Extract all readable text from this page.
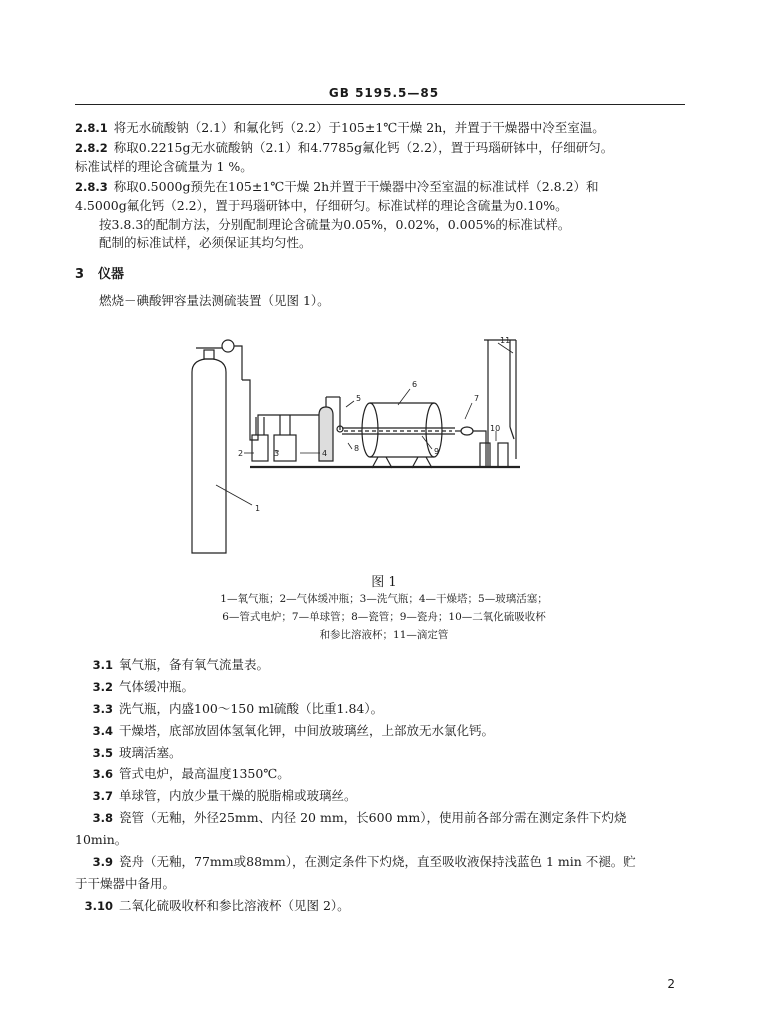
GB 5195.5—85

2.8.1 将无水硫酸钠（2.1）和氟化钙（2.2）于105±1℃干燥 2h，并置于干燥器中冷至室温。

2.8.2 称取0.2215g无水硫酸钠（2.1）和4.7785g氟化钙（2.2），置于玛瑙研钵中，仔细研匀。

标准试样的理论含硫量为 1 %。

2.8.3 称取0.5000g预先在105±1℃干燥 2h并置于干燥器中冷至室温的标准试样（2.8.2）和

4.5000g氟化钙（2.2），置于玛瑙研钵中，仔细研匀。标准试样的理论含硫量为0.10%。

按3.8.3的配制方法，分别配制理论含硫量为0.05%，0.02%，0.005%的标准试样。

配制的标准试样，必须保证其均匀性。

3 仪器

燃烧－碘酸钾容量法测硫装置（见图 1）。

1
2	3	4
5
6
7
8	9
10
11
图 1
1—氧气瓶；2—气体缓冲瓶；3—洗气瓶；4—干燥塔；5—玻璃活塞；
6—管式电炉；7—单球管；8—瓷管；9—瓷舟；10—二氧化硫吸收杯
和参比溶液杯；11—滴定管

3.1 氧气瓶，备有氧气流量表。

3.2 气体缓冲瓶。

3.3 洗气瓶，内盛100～150 ml硫酸（比重1.84）。

3.4 干燥塔，底部放固体氢氧化钾，中间放玻璃丝，上部放无水氯化钙。

3.5 玻璃活塞。

3.6 管式电炉，最高温度1350℃。

3.7 单球管，内放少量干燥的脱脂棉或玻璃丝。

3.8 瓷管（无釉，外径25mm、内径 20 mm，长600 mm），使用前各部分需在测定条件下灼烧

10min。

3.9 瓷舟（无釉，77mm或88mm），在测定条件下灼烧，直至吸收液保持浅蓝色 1 min 不褪。贮

于干燥器中备用。

3.10 二氧化硫吸收杯和参比溶液杯（见图 2）。

2
